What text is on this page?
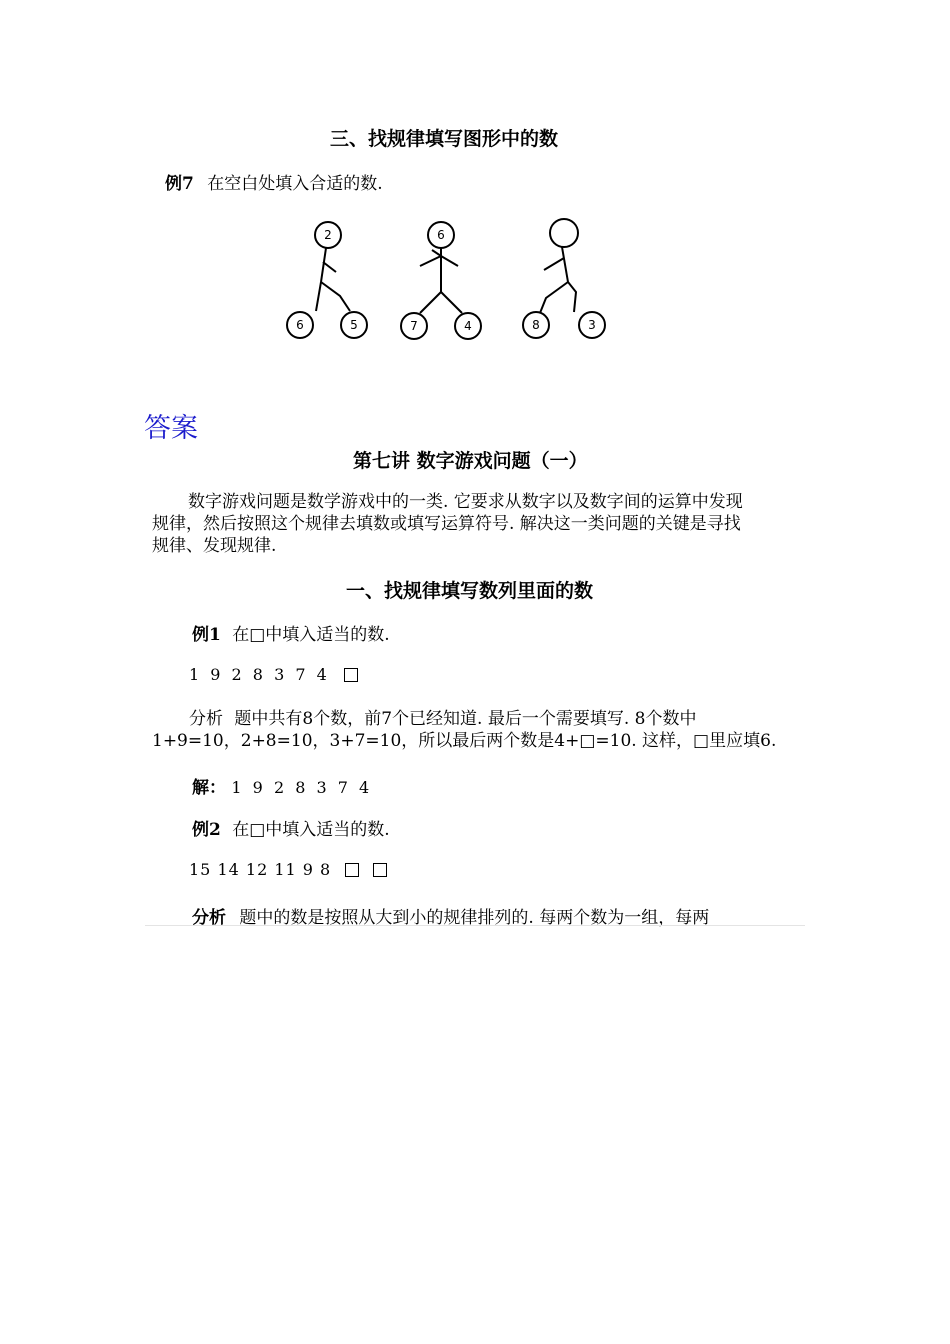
三、找规律填写图形中的数
例7 在空白处填入合适的数.
2
6	5
6
7	4	8	3
答案
第七讲 数字游戏问题（一）
数字游戏问题是数学游戏中的一类. 它要求从数字以及数字间的运算中发现
规律，然后按照这个规律去填数或填写运算符号. 解决这一类问题的关键是寻找
规律、发现规律.
一、找规律填写数列里面的数
例1 在□中填入适当的数.
1 9 2 8 3 7 4
分析 题中共有8个数，前7个已经知道. 最后一个需要填写. 8个数中
1+9=10，2+8=10，3+7=10，所以最后两个数是4+□=10. 这样，□里应填6.
解： 1 9 2 8 3 7 4
例2 在□中填入适当的数.
15 14 12 11 9 8
分析 题中的数是按照从大到小的规律排列的. 每两个数为一组，每两
